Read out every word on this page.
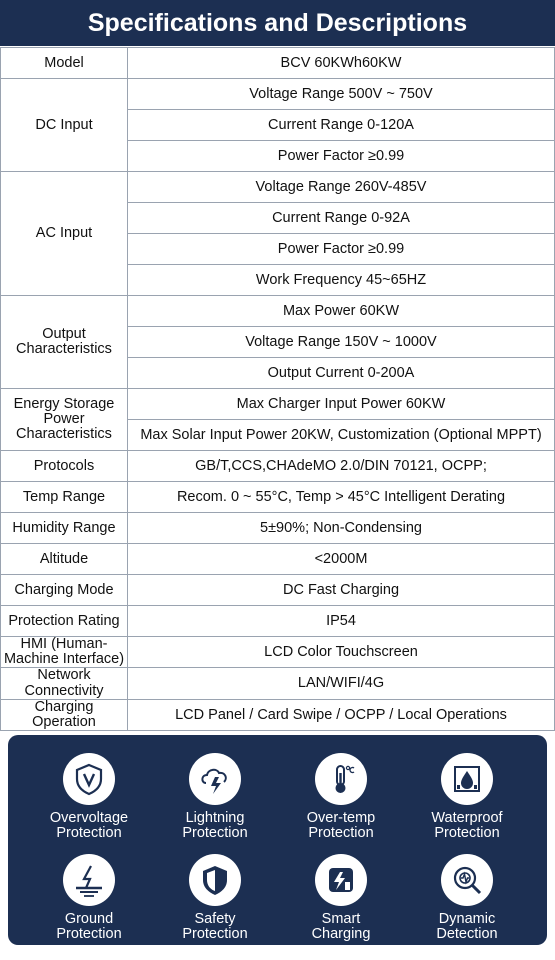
Specifications and Descriptions
Model	BCV 60KWh60KW
DC Input	Voltage Range 500V ~ 750V
	Current Range 0-120A
	Power Factor ≥0.99
AC Input	Voltage Range 260V-485V
	Current Range 0-92A
	Power Factor ≥0.99
	Work Frequency 45~65HZ
Output
Characteristics	Max Power 60KW
	Voltage Range 150V ~ 1000V
	Output Current 0-200A
Energy Storage
Power
Characteristics	Max Charger Input Power 60KW
	Max Solar Input Power 20KW, Customization (Optional MPPT)
Protocols	GB/T,CCS,CHAdeMO 2.0/DIN 70121, OCPP;
Temp Range	Recom. 0 ~ 55°C, Temp > 45°C Intelligent Derating
Humidity Range	5±90%; Non-Condensing
Altitude	<2000M
Charging Mode	DC Fast Charging
Protection Rating	IP54
HMI (Human-
Machine Interface)	LCD Color Touchscreen
Network
Connectivity	LAN/WIFI/4G
Charging Operation	LCD Panel / Card Swipe / OCPP / Local Operations
Overvoltage
Protection
Lightning
Protection
Over-temp
Protection
Waterproof
Protection
Ground
Protection
Safety
Protection
Smart
Charging
Dynamic
Detection
